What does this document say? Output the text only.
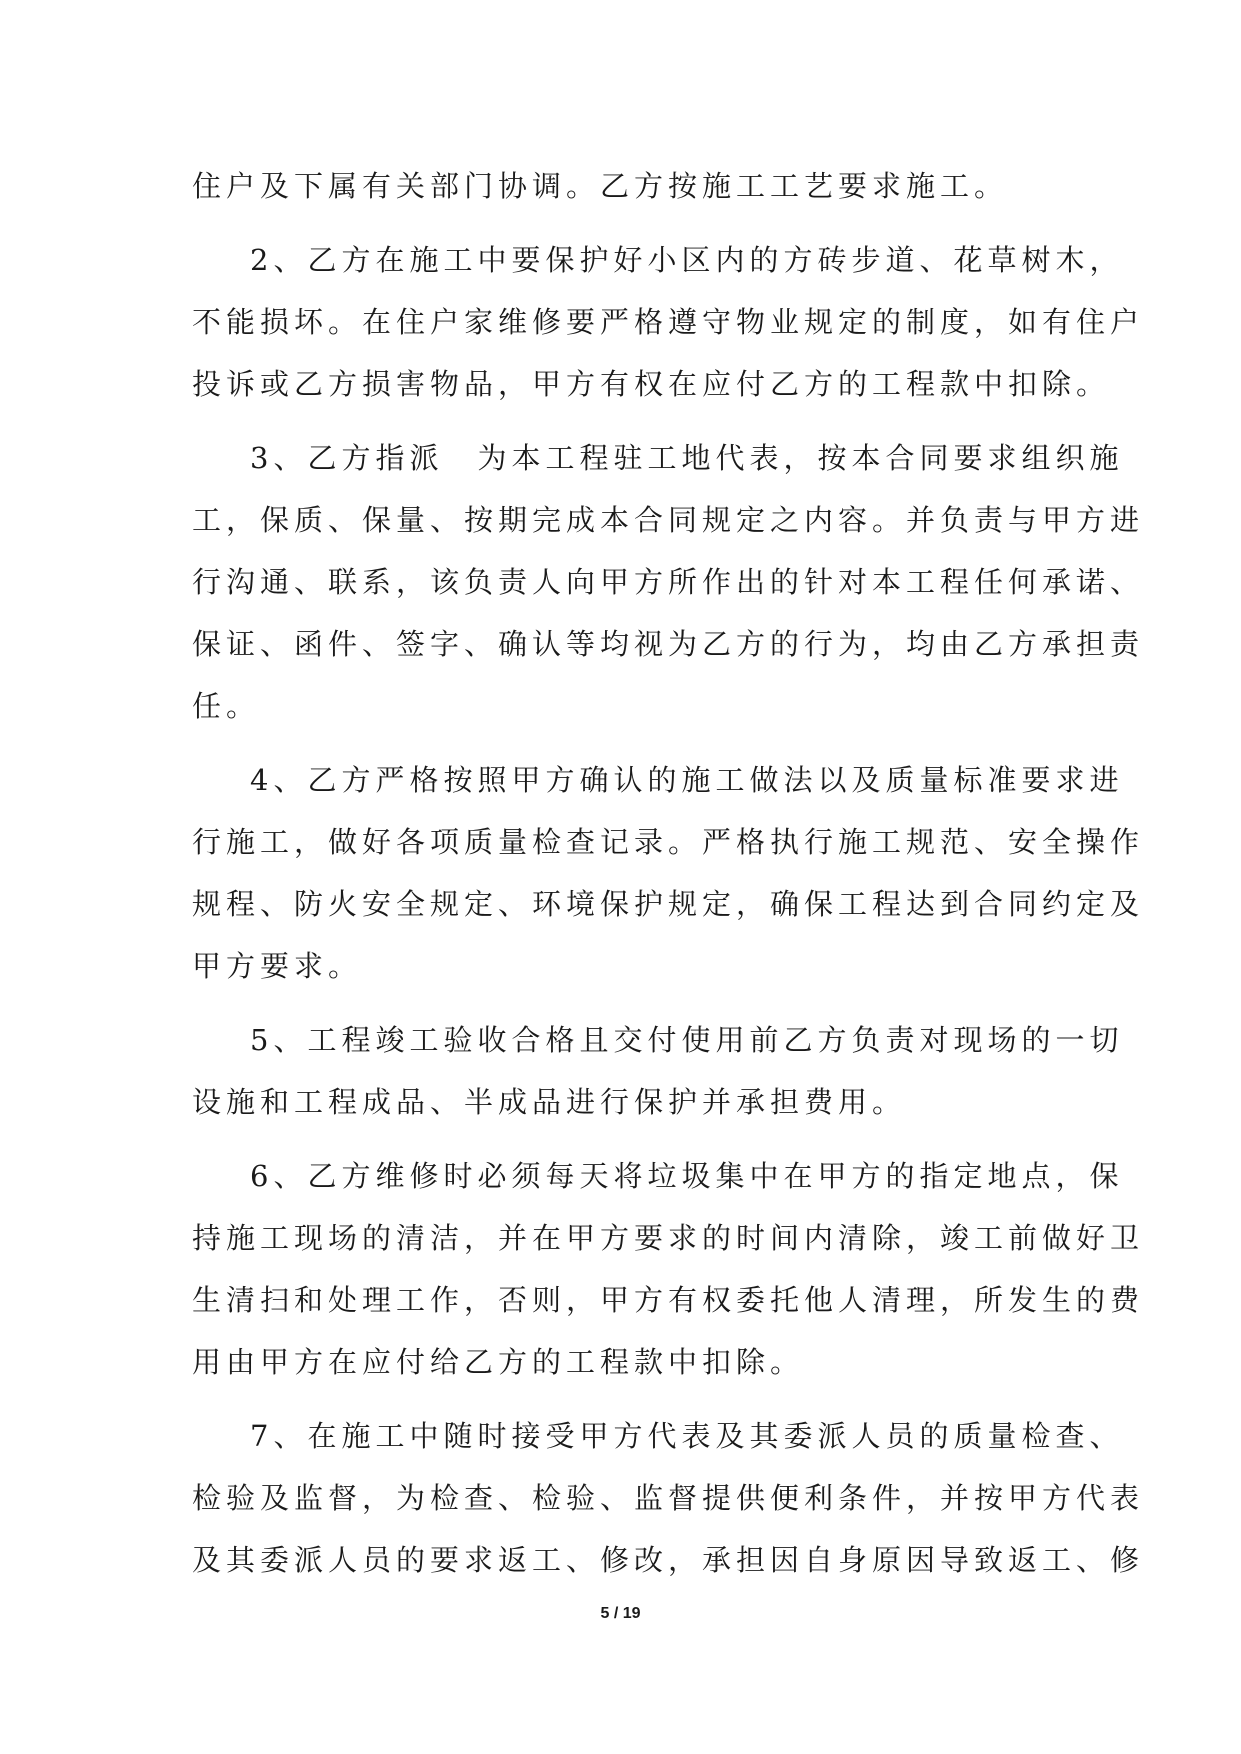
住户及下属有关部门协调。乙方按施工工艺要求施工。
2、乙方在施工中要保护好小区内的方砖步道、花草树木，
不能损坏。在住户家维修要严格遵守物业规定的制度，如有住户
投诉或乙方损害物品，甲方有权在应付乙方的工程款中扣除。
3、乙方指派　为本工程驻工地代表，按本合同要求组织施
工，保质、保量、按期完成本合同规定之内容。并负责与甲方进
行沟通、联系，该负责人向甲方所作出的针对本工程任何承诺、
保证、函件、签字、确认等均视为乙方的行为，均由乙方承担责
任。
4、乙方严格按照甲方确认的施工做法以及质量标准要求进
行施工，做好各项质量检查记录。严格执行施工规范、安全操作
规程、防火安全规定、环境保护规定，确保工程达到合同约定及
甲方要求。
5、工程竣工验收合格且交付使用前乙方负责对现场的一切
设施和工程成品、半成品进行保护并承担费用。
6、乙方维修时必须每天将垃圾集中在甲方的指定地点，保
持施工现场的清洁，并在甲方要求的时间内清除，竣工前做好卫
生清扫和处理工作，否则，甲方有权委托他人清理，所发生的费
用由甲方在应付给乙方的工程款中扣除。
7、在施工中随时接受甲方代表及其委派人员的质量检查、
检验及监督，为检查、检验、监督提供便利条件，并按甲方代表
及其委派人员的要求返工、修改，承担因自身原因导致返工、修
5 / 19
